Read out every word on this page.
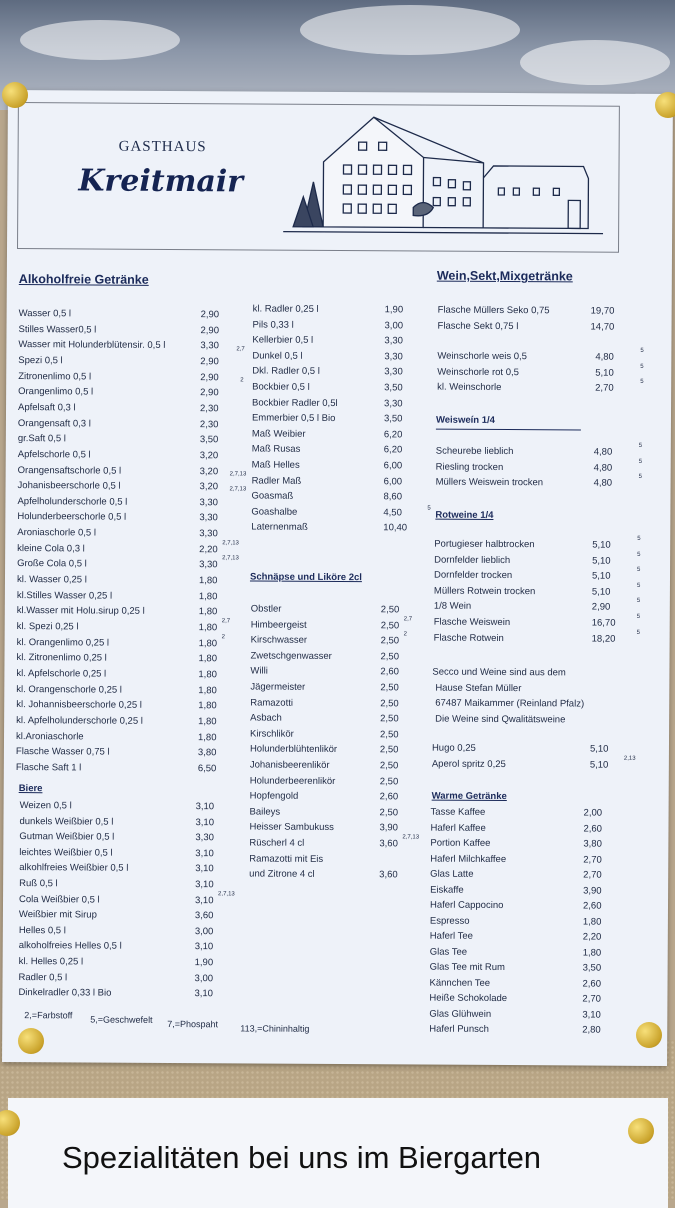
GASTHAUS
Kreitmair
Alkoholfreie Getränke
Wasser 0,5 l	2,90
Stilles Wasser0,5 l	2,90
Wasser mit Holunderblütensir. 0,5 l	3,30
Spezi 0,5 l	2,90
Zitronenlimo 0,5 l	2,90
Orangenlimo 0,5 l	2,90
Apfelsaft 0,3 l	2,30
Orangensaft 0,3 l	2,30
gr.Saft 0,5 l	3,50
Apfelschorle 0,5 l	3,20
Orangensaftschorle 0,5 l	3,20
Johanisbeerschorle 0,5 l	3,20
Apfelholunderschorle 0,5 l	3,30
Holunderbeerschorle 0,5 l	3,30
Aroniaschorle 0,5 l	3,30
kleine Cola 0,3 l	2,20
2,7,13
Große Cola 0,5 l	3,30
2,7,13
kl. Wasser 0,25 l	1,80
kl.Stilles Wasser 0,25 l	1,80
kl.Wasser mit Holu.sirup 0,25 l	1,80
kl. Spezi 0,25 l	1,80
2,7
kl. Orangenlimo 0,25 l	1,80
2
kl. Zitronenlimo 0,25 l	1,80
kl. Apfelschorle 0,25 l	1,80
kl. Orangenschorle 0,25 l	1,80
kl. Johannisbeerschorle 0,25 l	1,80
kl. Apfelholunderschorle 0,25 l	1,80
kl.Aroniaschorle	1,80
Flasche Wasser 0,75 l	3,80
Flasche Saft 1 l	6,50
Biere
Weizen 0,5 l	3,10
dunkels Weißbier 0,5 l	3,10
Gutman Weißbier 0,5 l	3,30
leichtes Weißbier 0,5 l	3,10
alkohlfreies Weißbier 0,5 l	3,10
Ruß 0,5 l	3,10
Cola Weißbier 0,5 l	3,10
2,7,13
Weißbier mit Sirup	3,60
Helles 0,5 l	3,00
alkoholfreies Helles 0,5 l	3,10
kl. Helles 0,25 l	1,90
Radler 0,5 l	3,00
Dinkelradler 0,33 l Bio	3,10
kl. Radler 0,25 l	1,90
Pils 0,33 l	3,00
Kellerbier 0,5 l	3,30
Dunkel 0,5 l	3,30
2,7
Dkl. Radler 0,5 l	3,30
Bockbier 0,5 l	3,50
2
Bockbier Radler 0,5l	3,30
Emmerbier 0,5 l Bio	3,50
Maß Weibier	6,20
Maß Rusas	6,20
Maß Helles	6,00
Radler Maß	6,00
2,7,13
Goasmaß	8,60
2,7,13
Goashalbe	4,50
Laternenmaß	10,40
Schnäpse und Liköre 2cl
Obstler	2,50
Himbeergeist	2,50
2,7
Kirschwasser	2,50
2
Zwetschgenwasser	2,50
Willi	2,60
Jägermeister	2,50
Ramazotti	2,50
Asbach	2,50
Kirschlikör	2,50
Holunderblühtenlikör	2,50
Johanisbeerenlikör	2,50
Holunderbeerenlikör	2,50
Hopfengold	2,60
Baileys	2,50
Heisser Sambukuss	3,90
Rüscherl 4 cl	3,60
2,7,13
Ramazotti mit Eis
und Zitrone 4 cl	3,60
Wein,Sekt,Mixgetränke
Flasche Müllers Seko 0,75	19,70
Flasche Sekt 0,75 l	14,70
Weinschorle weis 0,5	4,80
5
Weinschorle rot 0,5	5,10
5
kl. Weinschorle	2,70
5
Weisweín 1/4
Scheurebe lieblich	4,80
5
Riesling trocken	4,80
5
Müllers Weiswein trocken	4,80
5
5
Rotweine 1/4
Portugieser halbtrocken	5,10
5
Dornfelder lieblich	5,10
5
Dornfelder trocken	5,10
5
Müllers Rotwein trocken	5,10
5
1/8 Wein	2,90
5
Flasche Weiswein	16,70
5
Flasche Rotwein	18,20
5
Secco und Weine sind aus dem
Hause Stefan Müller
67487 Maikammer (Reinland Pfalz)
Die Weine sind Qwalitätsweine
Hugo 0,25	5,10
Aperol spritz 0,25	5,10
2,13
Warme Getränke
Tasse Kaffee	2,00
Haferl Kaffee	2,60
Portion Kaffee	3,80
Haferl Milchkaffee	2,70
Glas Latte	2,70
Eiskaffe	3,90
Haferl Cappocino	2,60
Espresso	1,80
Haferl Tee	2,20
Glas Tee	1,80
Glas Tee mit Rum	3,50
Kännchen Tee	2,60
Heiße Schokolade	2,70
Glas Glühwein	3,10
Haferl Punsch	2,80
2,=Farbstoff 5,=Geschwefelt 7,=Phospaht 113,=Chininhaltig
Spezialitäten bei uns im Biergarten
